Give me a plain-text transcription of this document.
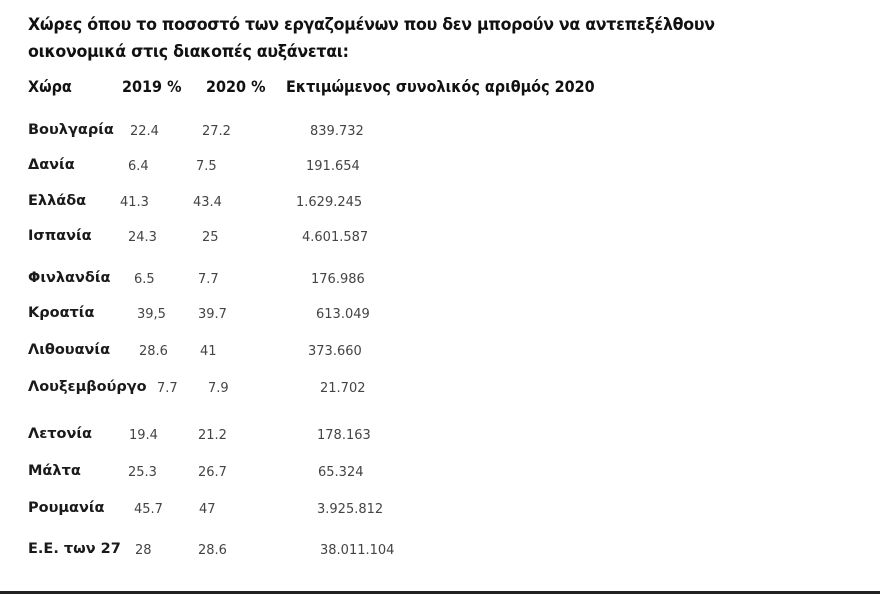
Χώρες όπου το ποσοστό των εργαζομένων που δεν μπορούν να αντεπεξέλθουν οικονομικά στις διακοπές αυξάνεται:
Χώρα	2019 % 2020 % Εκτιμώμενος συνολικός αριθμός 2020
Βουλγαρία 22.4	27.2	839.732
Δανία	6.4	7.5	191.654
Ελλάδα	41.3	43.4	1.629.245
Ισπανία	24.3	25	4.601.587
Φινλανδία 6.5	7.7	176.986
Κροατία	39,5 39.7	613.049
Λιθουανία 28.6 41	373.660
Λουξεμβούργο 7.7 7.9	21.702
Λετονία	19.4	21.2	178.163
Μάλτα	25.3	26.7	65.324
Ρουμανία 45.7	47	3.925.812
Ε.Ε. των 27 28	28.6	38.011.104
